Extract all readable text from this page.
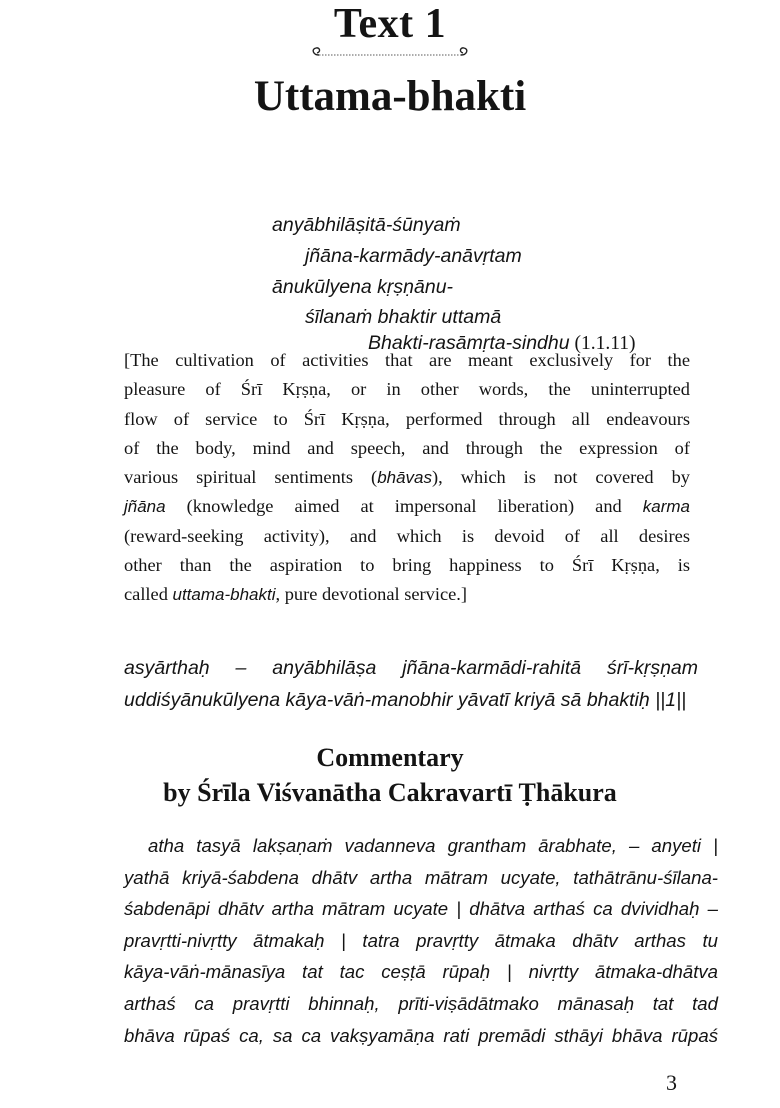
Text 1
Uttama-bhakti
anyābhilāṣitā-śūnyaṁ
jñāna-karmādy-anāvṛtam
ānukūlyena kṛṣṇānu-
śīlanaṁ bhaktir uttamā
Bhakti-rasāmṛta-sindhu (1.1.11)
[The cultivation of activities that are meant exclusively for the
pleasure of Śrī Kṛṣṇa, or in other words, the uninterrupted
flow of service to Śrī Kṛṣṇa, performed through all endeavours
of the body, mind and speech, and through the expression of
various spiritual sentiments (bhāvas), which is not covered by
jñāna (knowledge aimed at impersonal liberation) and karma
(reward-seeking activity), and which is devoid of all desires
other than the aspiration to bring happiness to Śrī Kṛṣṇa, is
called uttama-bhakti, pure devotional service.]
asyārthaḥ – anyābhilāṣa jñāna-karmādi-rahitā śrī-kṛṣṇam
uddiśyānukūlyena kāya-vāṅ-manobhir yāvatī kriyā sā bhaktiḥ ||1||
Commentary
by Śrīla Viśvanātha Cakravartī Ṭhākura
atha tasyā lakṣaṇaṁ vadanneva grantham ārabhate, – anyeti |
yathā kriyā-śabdena dhātv artha mātram ucyate, tathātrānu-śīlana-
śabdenāpi dhātv artha mātram ucyate | dhātva arthaś ca dvividhaḥ –
pravṛtti-nivṛtty ātmakaḥ | tatra pravṛtty ātmaka dhātv arthas tu
kāya-vāṅ-mānasīya tat tac ceṣṭā rūpaḥ | nivṛtty ātmaka-dhātva
arthaś ca pravṛtti bhinnaḥ, prīti-viṣādātmako mānasaḥ tat tad
bhāva rūpaś ca, sa ca vakṣyamāṇa rati premādi sthāyi bhāva rūpaś
3
